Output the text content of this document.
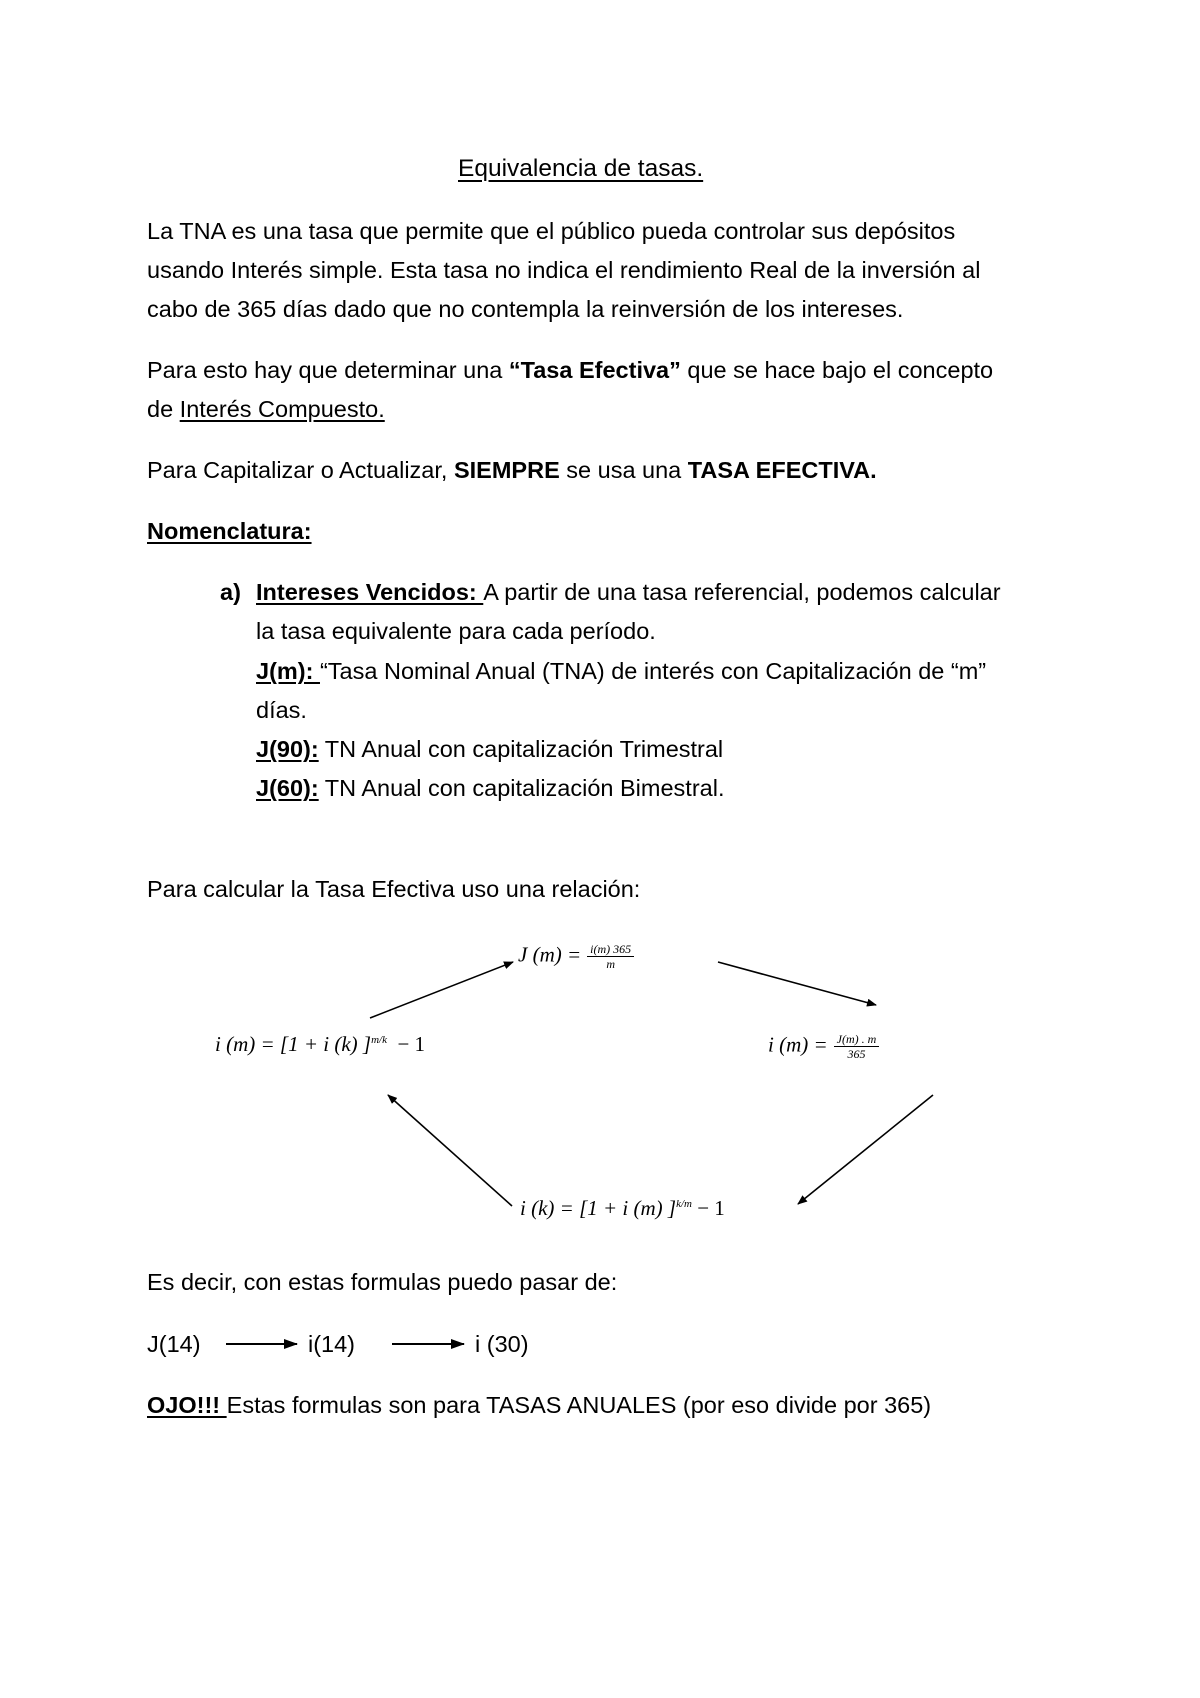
Equivalencia de tasas.
La TNA es una tasa que permite que el público pueda controlar sus depósitos
usando Interés simple. Esta tasa no indica el rendimiento Real de la inversión al
cabo de 365 días dado que no contempla la reinversión de los intereses.
Para esto hay que determinar una “Tasa Efectiva” que se hace bajo el concepto
de Interés Compuesto.
Para Capitalizar o Actualizar, SIEMPRE se usa una TASA EFECTIVA.
Nomenclatura:
a) Intereses Vencidos: A partir de una tasa referencial, podemos calcular
la tasa equivalente para cada período.
J(m): “Tasa Nominal Anual (TNA) de interés con Capitalización de “m”
días.
J(90): TN Anual con capitalización Trimestral
J(60): TN Anual con capitalización Bimestral.
Para calcular la Tasa Efectiva uso una relación:
J $(m) = \frac{i(m) 365}{m}$
i (m) = [1 + i (k) ]$^{m/k}$ − 1	i $(m) = \frac{J(m) . m}{365}$
i (k) = [1 + i (m) ]$^{k/m}$ − 1
Es decir, con estas formulas puedo pasar de:
J(14)	i(14)	i (30)
OJO!!! Estas formulas son para TASAS ANUALES (por eso divide por 365)
